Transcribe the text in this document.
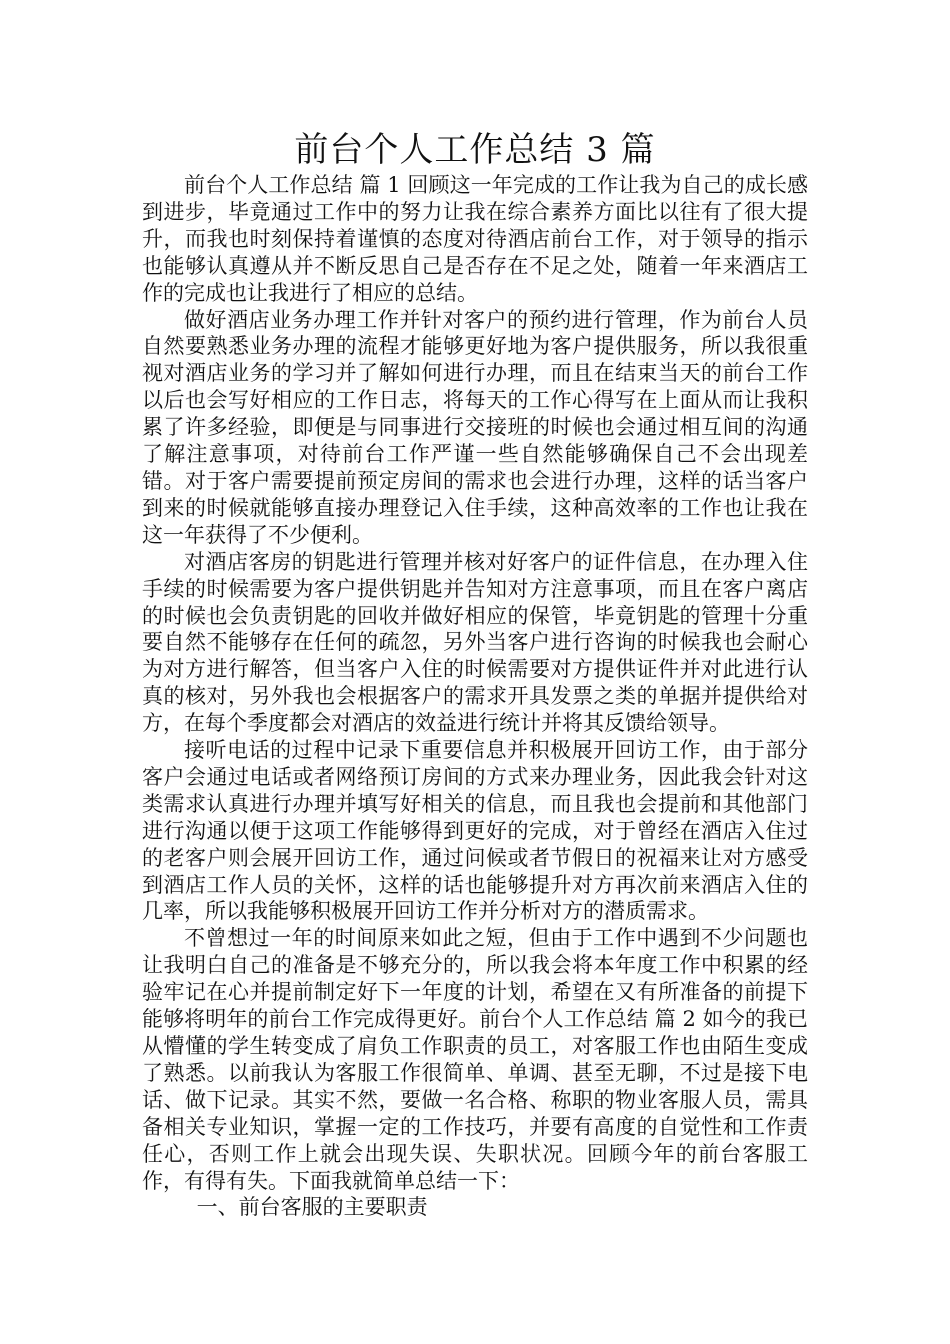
前台个人工作总结 3 篇

前台个人工作总结 篇 1 回顾这一年完成的工作让我为自己的成长感到进步，毕竟通过工作中的努力让我在综合素养方面比以往有了很大提升，而我也时刻保持着谨慎的态度对待酒店前台工作，对于领导的指示也能够认真遵从并不断反思自己是否存在不足之处，随着一年来酒店工作的完成也让我进行了相应的总结。

做好酒店业务办理工作并针对客户的预约进行管理，作为前台人员自然要熟悉业务办理的流程才能够更好地为客户提供服务，所以我很重视对酒店业务的学习并了解如何进行办理，而且在结束当天的前台工作以后也会写好相应的工作日志，将每天的工作心得写在上面从而让我积累了许多经验，即便是与同事进行交接班的时候也会通过相互间的沟通了解注意事项，对待前台工作严谨一些自然能够确保自己不会出现差错。对于客户需要提前预定房间的需求也会进行办理，这样的话当客户到来的时候就能够直接办理登记入住手续，这种高效率的工作也让我在这一年获得了不少便利。

对酒店客房的钥匙进行管理并核对好客户的证件信息，在办理入住手续的时候需要为客户提供钥匙并告知对方注意事项，而且在客户离店的时候也会负责钥匙的回收并做好相应的保管，毕竟钥匙的管理十分重要自然不能够存在任何的疏忽，另外当客户进行咨询的时候我也会耐心为对方进行解答，但当客户入住的时候需要对方提供证件并对此进行认真的核对，另外我也会根据客户的需求开具发票之类的单据并提供给对方，在每个季度都会对酒店的效益进行统计并将其反馈给领导。

接听电话的过程中记录下重要信息并积极展开回访工作，由于部分客户会通过电话或者网络预订房间的方式来办理业务，因此我会针对这类需求认真进行办理并填写好相关的信息，而且我也会提前和其他部门进行沟通以便于这项工作能够得到更好的完成，对于曾经在酒店入住过的老客户则会展开回访工作，通过问候或者节假日的祝福来让对方感受到酒店工作人员的关怀，这样的话也能够提升对方再次前来酒店入住的几率，所以我能够积极展开回访工作并分析对方的潜质需求。

不曾想过一年的时间原来如此之短，但由于工作中遇到不少问题也让我明白自己的准备是不够充分的，所以我会将本年度工作中积累的经验牢记在心并提前制定好下一年度的计划，希望在又有所准备的前提下能够将明年的前台工作完成得更好。前台个人工作总结 篇 2 如今的我已从懵懂的学生转变成了肩负工作职责的员工，对客服工作也由陌生变成了熟悉。以前我认为客服工作很简单、单调、甚至无聊，不过是接下电话、做下记录。其实不然，要做一名合格、称职的物业客服人员，需具备相关专业知识，掌握一定的工作技巧，并要有高度的自觉性和工作责任心，否则工作上就会出现失误、失职状况。回顾今年的前台客服工作，有得有失。下面我就简单总结一下：

一、前台客服的主要职责
